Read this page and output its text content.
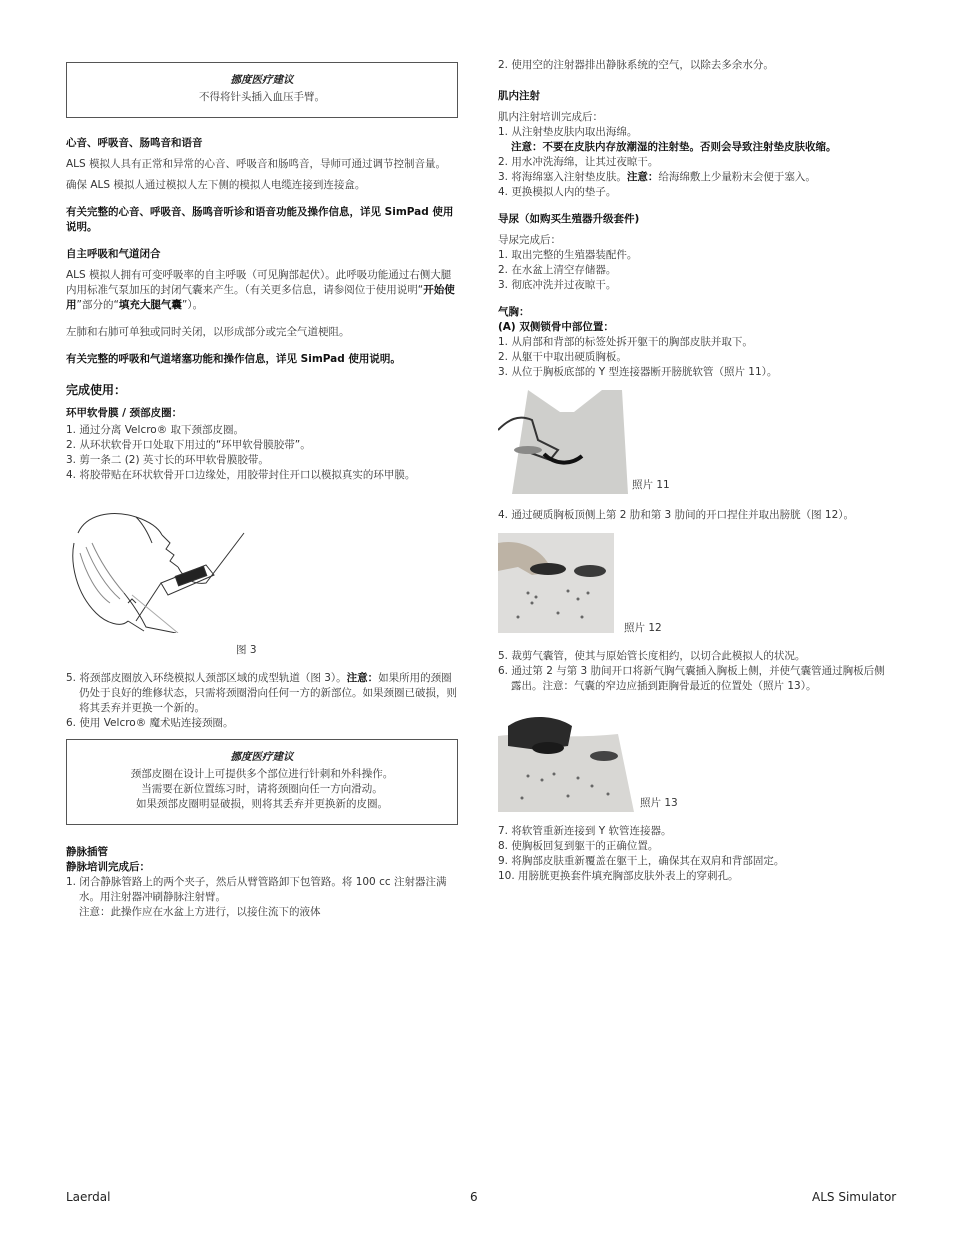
挪度医疗建议
不得将针头插入血压手臂。
心音、呼吸音、肠鸣音和语音

ALS 模拟人具有正常和异常的心音、呼吸音和肠鸣音，导师可通过调节控制音量。

确保 ALS 模拟人通过模拟人左下侧的模拟人电缆连接到连接盒。

有关完整的心音、呼吸音、肠鸣音听诊和语音功能及操作信息，详见 SimPad 使用说明。

自主呼吸和气道闭合

ALS 模拟人拥有可变呼吸率的自主呼吸（可见胸部起伏）。此呼吸功能通过右侧大腿内用标准气泵加压的封闭气囊来产生。（有关更多信息，请参阅位于使用说明“开始使用”部分的“填充大腿气囊”）。

左肺和右肺可单独或同时关闭，以形成部分或完全气道梗阻。

有关完整的呼吸和气道堵塞功能和操作信息，详见 SimPad 使用说明。

完成使用：
环甲软骨膜 / 颈部皮圈：
1. 通过分离 Velcro® 取下颈部皮圈。
2. 从环状软骨开口处取下用过的“环甲软骨膜胶带”。
3. 剪一条二 (2) 英寸长的环甲软骨膜胶带。
4. 将胶带贴在环状软骨开口边缘处，用胶带封住开口以模拟真实的环甲膜。
图 3
5. 将颈部皮圈放入环绕模拟人颈部区域的成型轨道（图 3）。注意：如果所用的颈圈仍处于良好的维修状态，只需将颈圈滑向任何一方的新部位。如果颈圈已破损，则将其丢弃并更换一个新的。
6. 使用 Velcro® 魔术贴连接颈圈。
挪度医疗建议
颈部皮圈在设计上可提供多个部位进行针刺和外科操作。
当需要在新位置练习时，请将颈圈向任一方向滑动。
如果颈部皮圈明显破损，则将其丢弃并更换新的皮圈。
静脉插管
静脉培训完成后：
1. 闭合静脉管路上的两个夹子，然后从臂管路卸下包管路。将 100 cc 注射器注满水。用注射器冲刷静脉注射臂。
注意：此操作应在水盆上方进行，以接住流下的液体

2. 使用空的注射器排出静脉系统的空气，以除去多余水分。

肌内注射
肌内注射培训完成后：
1. 从注射垫皮肤内取出海绵。
注意：不要在皮肤内存放潮湿的注射垫。否则会导致注射垫皮肤收缩。
2. 用水冲洗海绵，让其过夜晾干。
3. 将海绵塞入注射垫皮肤。注意：给海绵敷上少量粉末会便于塞入。
4. 更换模拟人内的垫子。
导尿（如购买生殖器升级套件)
导尿完成后：
1. 取出完整的生殖器装配件。
2. 在水盆上清空存储器。
3. 彻底冲洗并过夜晾干。
气胸：
(A) 双侧锁骨中部位置：
1. 从肩部和背部的标签处拆开躯干的胸部皮肤并取下。
2. 从躯干中取出硬质胸板。
3. 从位于胸板底部的 Y 型连接器断开膀胱软管（照片 11）。
照片 11
4. 通过硬质胸板顶侧上第 2 肋和第 3 肋间的开口捏住并取出膀胱（图 12）。
照片 12
5. 裁剪气囊管，使其与原始管长度相约，以切合此模拟人的状况。
6. 通过第 2 与第 3 肋间开口将新气胸气囊插入胸板上侧，并使气囊管通过胸板后侧露出。注意：气囊的窄边应插到距胸骨最近的位置处（照片 13）。
照片 13
7. 将软管重新连接到 Y 软管连接器。
8. 使胸板回复到躯干的正确位置。
9. 将胸部皮肤重新覆盖在躯干上，确保其在双肩和背部固定。
10. 用膀胱更换套件填充胸部皮肤外表上的穿刺孔。
Laerdal	6	ALS Simulator
